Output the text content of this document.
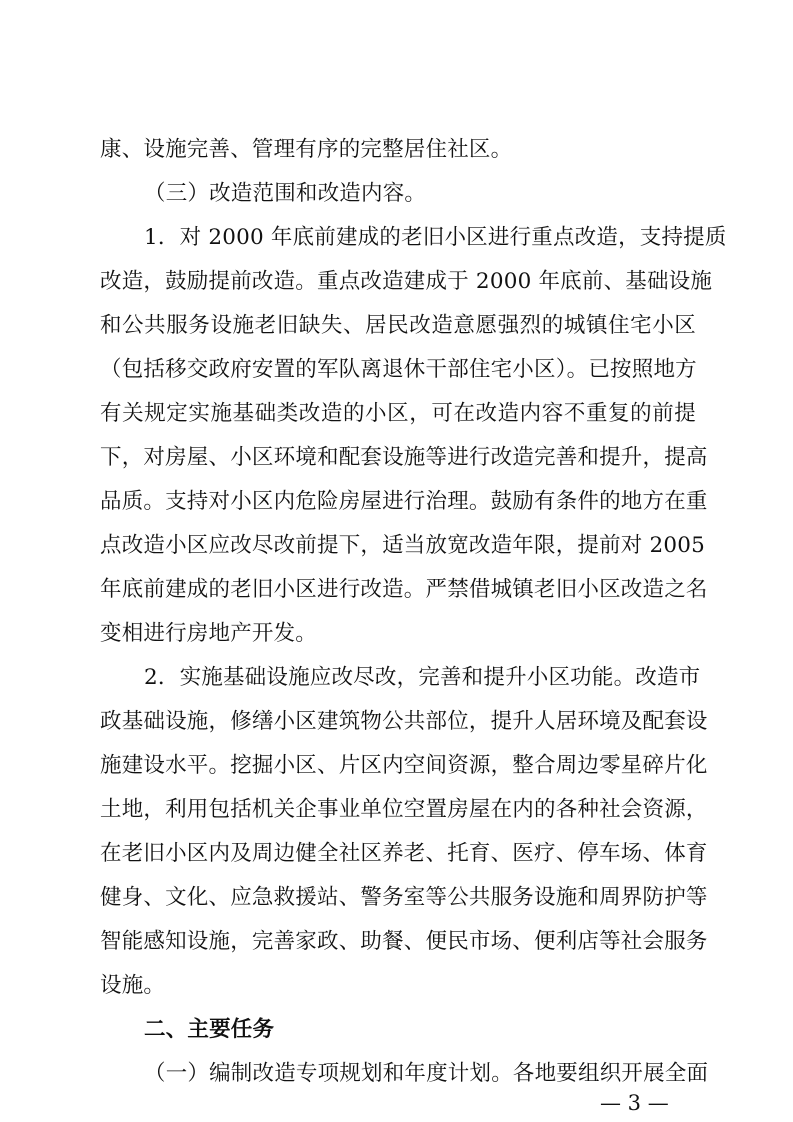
康、设施完善、管理有序的完整居住社区。
（三）改造范围和改造内容。
1．对 2000 年底前建成的老旧小区进行重点改造，支持提质
改造，鼓励提前改造。重点改造建成于 2000 年底前、基础设施
和公共服务设施老旧缺失、居民改造意愿强烈的城镇住宅小区
（包括移交政府安置的军队离退休干部住宅小区）。已按照地方
有关规定实施基础类改造的小区，可在改造内容不重复的前提
下，对房屋、小区环境和配套设施等进行改造完善和提升，提高
品质。支持对小区内危险房屋进行治理。鼓励有条件的地方在重
点改造小区应改尽改前提下，适当放宽改造年限，提前对 2005
年底前建成的老旧小区进行改造。严禁借城镇老旧小区改造之名
变相进行房地产开发。
2．实施基础设施应改尽改，完善和提升小区功能。改造市
政基础设施，修缮小区建筑物公共部位，提升人居环境及配套设
施建设水平。挖掘小区、片区内空间资源，整合周边零星碎片化
土地，利用包括机关企事业单位空置房屋在内的各种社会资源，
在老旧小区内及周边健全社区养老、托育、医疗、停车场、体育
健身、文化、应急救援站、警务室等公共服务设施和周界防护等
智能感知设施，完善家政、助餐、便民市场、便利店等社会服务
设施。
二、主要任务
（一）编制改造专项规划和年度计划。各地要组织开展全面
— 3 —
